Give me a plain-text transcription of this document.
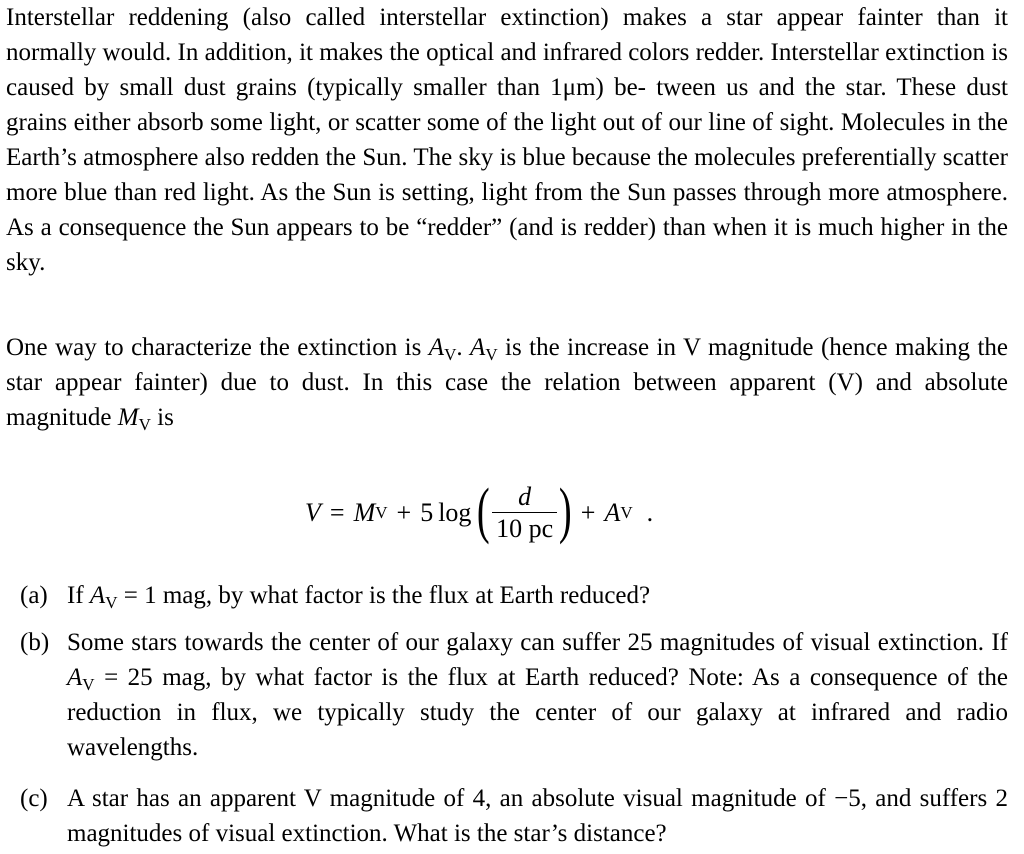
Interstellar reddening (also called interstellar extinction) makes a star appear fainter than it normally would. In addition, it makes the optical and infrared colors redder. Interstellar extinction is caused by small dust grains (typically smaller than 1μm) be- tween us and the star. These dust grains either absorb some light, or scatter some of the light out of our line of sight. Molecules in the Earth’s atmosphere also redden the Sun. The sky is blue because the molecules preferentially scatter more blue than red light. As the Sun is setting, light from the Sun passes through more atmosphere. As a consequence the Sun appears to be “redder” (and is redder) than when it is much higher in the sky.

One way to characterize the extinction is $A_V$. $A_V$ is the increase in V magnitude (hence making the star appear fainter) due to dust. In this case the relation between apparent (V) and absolute magnitude $M_V$ is

V = M V + 5 log ( $\frac{d}{10 pc}$ ) + A V .
(a) If $A_V = 1$ mag, by what factor is the flux at Earth reduced?
(b) Some stars towards the center of our galaxy can suffer 25 magnitudes of visual extinction. If $A_V = 25$ mag, by what factor is the flux at Earth reduced? Note: As a consequence of the reduction in flux, we typically study the center of our galaxy at infrared and radio wavelengths.
(c) A star has an apparent V magnitude of 4, an absolute visual magnitude of −5, and suffers 2 magnitudes of visual extinction. What is the star’s distance?
